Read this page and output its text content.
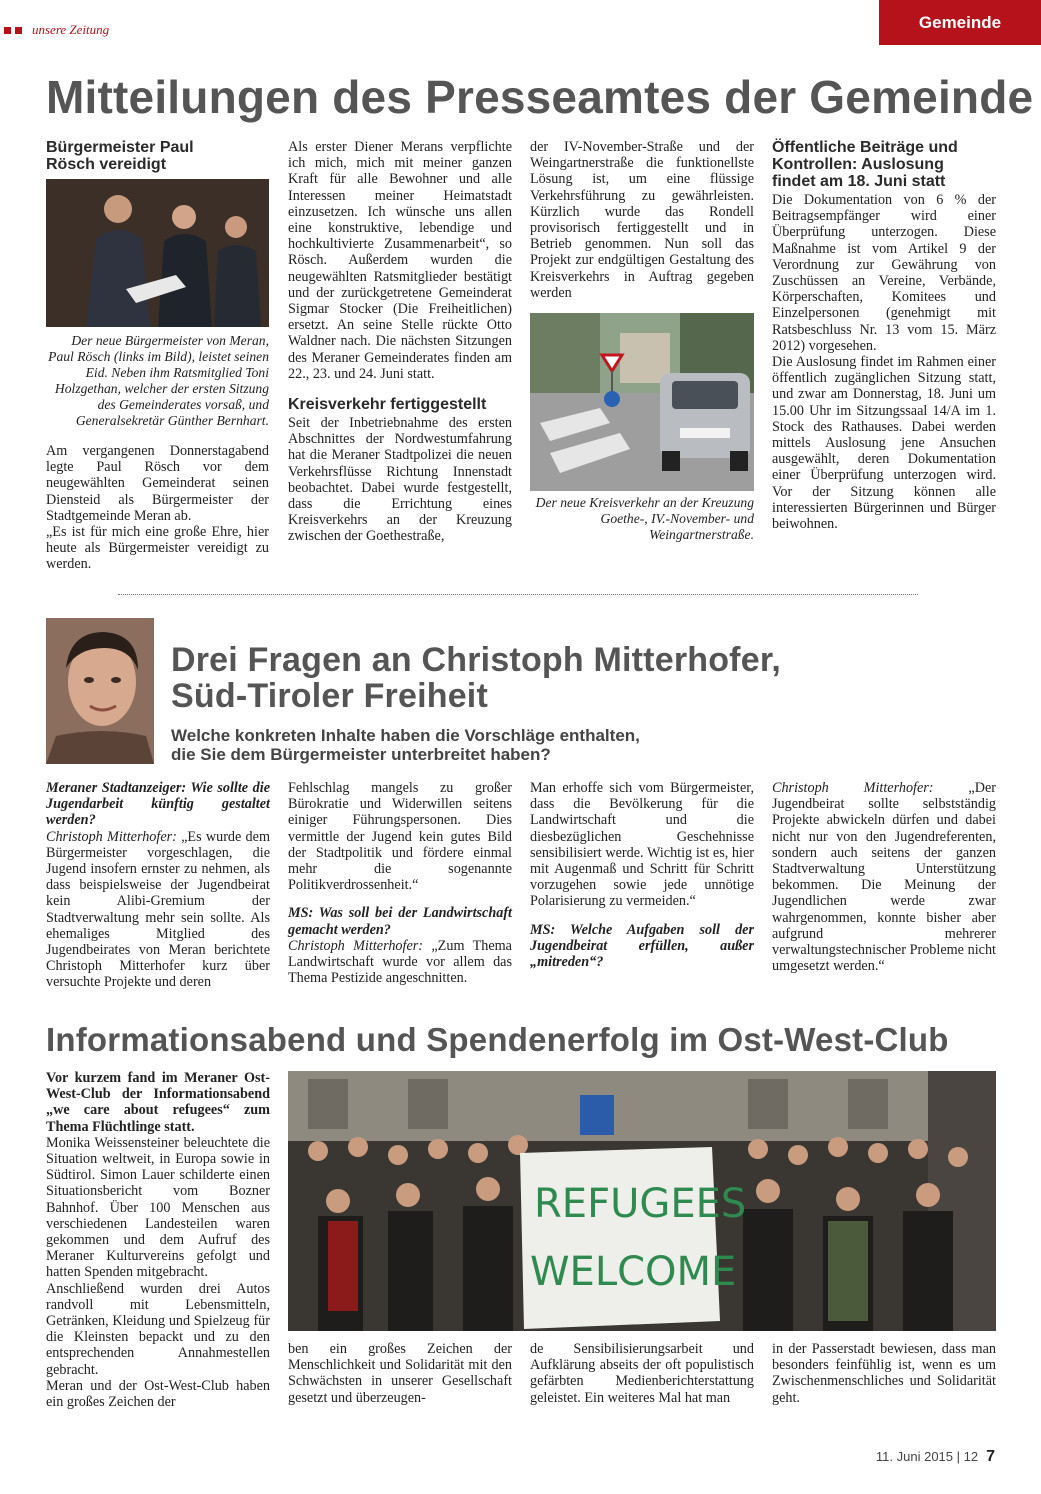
unsere Zeitung	Gemeinde
Mitteilungen des Presseamtes der Gemeinde
Bürgermeister Paul Rösch vereidigt
Der neue Bürgermeister von Meran, Paul Rösch (links im Bild), leistet seinen Eid. Neben ihm Ratsmitglied Toni Holzgethan, welcher der ersten Sitzung des Gemeinderates vorsaß, und Generalsekretär Günther Bernhart.
Am vergangenen Donnerstagabend legte Paul Rösch vor dem neugewählten Gemeinderat seinen Diensteid als Bürgermeister der Stadtgemeinde Meran ab.
„Es ist für mich eine große Ehre, hier heute als Bürgermeister vereidigt zu werden.
Als erster Diener Merans verpflichte ich mich, mich mit meiner ganzen Kraft für alle Bewohner und alle Interessen meiner Heimatstadt einzusetzen. Ich wünsche uns allen eine konstruktive, lebendige und hochkultivierte Zusammenarbeit“, so Rösch. Außerdem wurden die neugewählten Ratsmitglieder bestätigt und der zurückgetretene Gemeinderat Sigmar Stocker (Die Freiheitlichen) ersetzt. An seine Stelle rückte Otto Waldner nach. Die nächsten Sitzungen des Meraner Gemeinderates finden am 22., 23. und 24. Juni statt.
Kreisverkehr fertiggestellt
Seit der Inbetriebnahme des ersten Abschnittes der Nordwestumfahrung hat die Meraner Stadtpolizei die neuen Verkehrsflüsse Richtung Innenstadt beobachtet. Dabei wurde festgestellt, dass die Errichtung eines Kreisverkehrs an der Kreuzung zwischen der Goethestraße,
der IV-November-Straße und der Weingartnerstraße die funktionellste Lösung ist, um eine flüssige Verkehrsführung zu gewährleisten. Kürzlich wurde das Rondell provisorisch fertiggestellt und in Betrieb genommen. Nun soll das Projekt zur endgültigen Gestaltung des Kreisverkehrs in Auftrag gegeben werden
Der neue Kreisverkehr an der Kreuzung Goethe-, IV.-November- und Weingartnerstraße.
Öffentliche Beiträge und Kontrollen: Auslosung findet am 18. Juni statt
Die Dokumentation von 6 % der Beitragsempfänger wird einer Überprüfung unterzogen. Diese Maßnahme ist vom Artikel 9 der Verordnung zur Gewährung von Zuschüssen an Vereine, Verbände, Körperschaften, Komitees und Einzelpersonen (genehmigt mit Ratsbeschluss Nr. 13 vom 15. März 2012) vorgesehen.
Die Auslosung findet im Rahmen einer öffentlich zugänglichen Sitzung statt, und zwar am Donnerstag, 18. Juni um 15.00 Uhr im Sitzungssaal 14/A im 1. Stock des Rathauses. Dabei werden mittels Auslosung jene Ansuchen ausgewählt, deren Dokumentation einer Überprüfung unterzogen wird. Vor der Sitzung können alle interessierten Bürgerinnen und Bürger beiwohnen.
Drei Fragen an Christoph Mitterhofer,
Süd-Tiroler Freiheit
Welche konkreten Inhalte haben die Vorschläge enthalten,
die Sie dem Bürgermeister unterbreitet haben?

Meraner Stadtanzeiger: Wie sollte die Jugendarbeit künftig gestaltet werden?

Christoph Mitterhofer: „Es wurde dem Bürgermeister vorgeschlagen, die Jugend insofern ernster zu nehmen, als dass beispielsweise der Jugendbeirat kein Alibi-Gremium der Stadtverwaltung mehr sein sollte. Als ehemaliges Mitglied des Jugendbeirates von Meran berichtete Christoph Mitterhofer kurz über versuchte Projekte und deren

Fehlschlag mangels zu großer Bürokratie und Widerwillen seitens einiger Führungspersonen. Dies vermittle der Jugend kein gutes Bild der Stadtpolitik und fördere einmal mehr die sogenannte Politikverdrossenheit.“

MS: Was soll bei der Landwirtschaft gemacht werden?

Christoph Mitterhofer: „Zum Thema Landwirtschaft wurde vor allem das Thema Pestizide angeschnitten.

Man erhoffe sich vom Bürgermeister, dass die Bevölkerung für die Landwirtschaft und die diesbezüglichen Geschehnisse sensibilisiert werde. Wichtig ist es, hier mit Augenmaß und Schritt für Schritt vorzugehen sowie jede unnötige Polarisierung zu vermeiden.“

MS: Welche Aufgaben soll der Jugendbeirat erfüllen, außer „mitreden“?

Christoph Mitterhofer: „Der Jugendbeirat sollte selbstständig Projekte abwickeln dürfen und dabei nicht nur von den Jugendreferenten, sondern auch seitens der ganzen Stadtverwaltung Unterstützung bekommen. Die Meinung der Jugendlichen werde zwar wahrgenommen, konnte bisher aber aufgrund mehrerer verwaltungstechnischer Probleme nicht umgesetzt werden.“

Informationsabend und Spendenerfolg im Ost-West-Club
Vor kurzem fand im Meraner Ost-West-Club der Informationsabend „we care about refugees“ zum Thema Flüchtlinge statt.
Monika Weissensteiner beleuchtete die Situation weltweit, in Europa sowie in Südtirol. Simon Lauer schilderte einen Situationsbericht vom Bozner Bahnhof. Über 100 Menschen aus verschiedenen Landesteilen waren gekommen und dem Aufruf des Meraner Kulturvereins gefolgt und hatten Spenden mitgebracht.
Anschließend wurden drei Autos randvoll mit Lebensmitteln, Getränken, Kleidung und Spielzeug für die Kleinsten bepackt und zu den entsprechenden Annahmestellen gebracht.
Meran und der Ost-West-Club haben ein großes Zeichen der
REFUGEES
WELCOME
ben ein großes Zeichen der Menschlichkeit und Solidarität mit den Schwächsten in unserer Gesellschaft gesetzt und überzeugen-
de Sensibilisierungsarbeit und Aufklärung abseits der oft populistisch gefärbten Medienberichterstattung geleistet. Ein weiteres Mal hat man
in der Passerstadt bewiesen, dass man besonders feinfühlig ist, wenn es um Zwischenmenschliches und Solidarität geht.
11. Juni 2015 | 12 7
